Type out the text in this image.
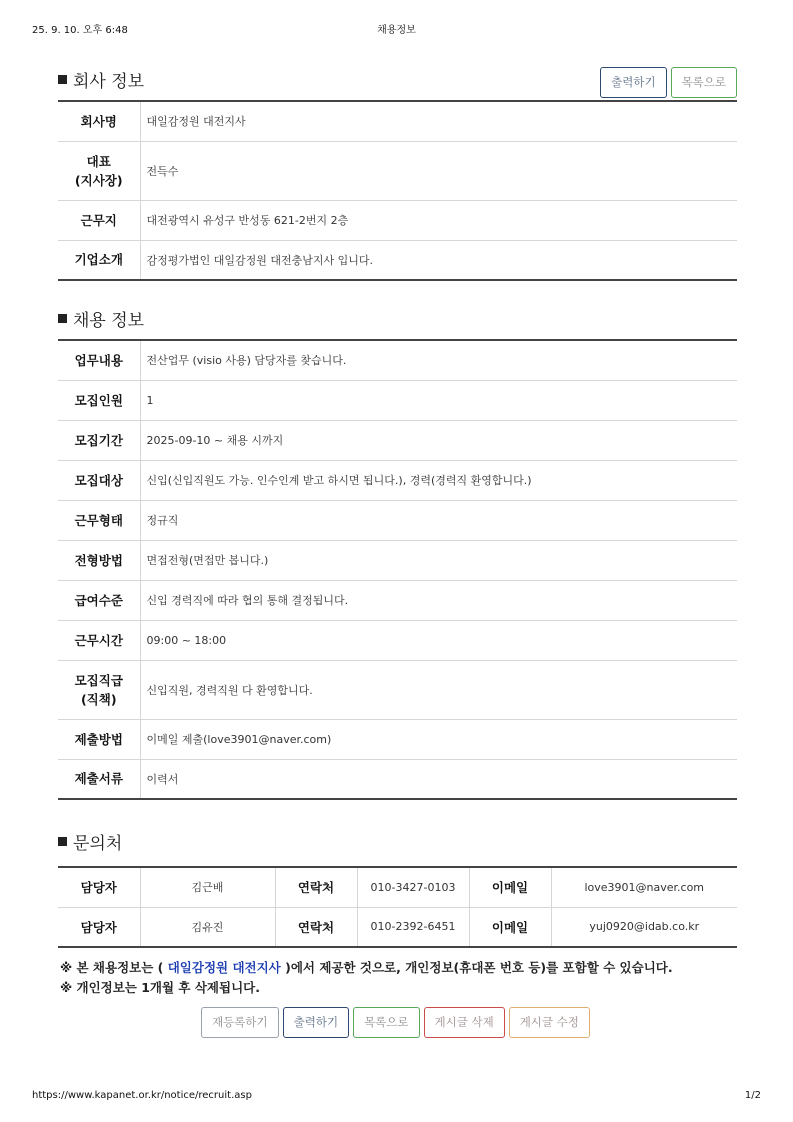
25. 9. 10. 오후 6:48	채용정보
회사 정보	출력하기	목록으로
회사명	대일감정원 대전지사
대표
(지사장)	전득수
근무지	대전광역시 유성구 반성동 621-2번지 2층
기업소개	감정평가법인 대일감정원 대전충남지사 입니다.
채용 정보
업무내용	전산업무 (visio 사용) 담당자를 찾습니다.
모집인원	1
모집기간	2025-09-10 ~ 채용 시까지
모집대상	신입(신입직원도 가능. 인수인계 받고 하시면 됩니다.), 경력(경력직 환영합니다.)
근무형태	정규직
전형방법	면접전형(면접만 봅니다.)
급여수준	신입 경력직에 따라 협의 통해 결정됩니다.
근무시간	09:00 ~ 18:00
모집직급
(직책)	신입직원, 경력직원 다 환영합니다.
제출방법	이메일 제출(love3901@naver.com)
제출서류	이력서
문의처
담당자	김근배	연락처	010-3427-0103	이메일	love3901@naver.com
담당자	김유진	연락처	010-2392-6451	이메일	yuj0920@idab.co.kr
※ 본 채용정보는 ( 대일감정원 대전지사 )에서 제공한 것으로, 개인정보(휴대폰 번호 등)를 포함할 수 있습니다.
※ 개인정보는 1개월 후 삭제됩니다.
재등록하기	출력하기	목록으로	게시글 삭제	게시글 수정
https://www.kapanet.or.kr/notice/recruit.asp	1/2
